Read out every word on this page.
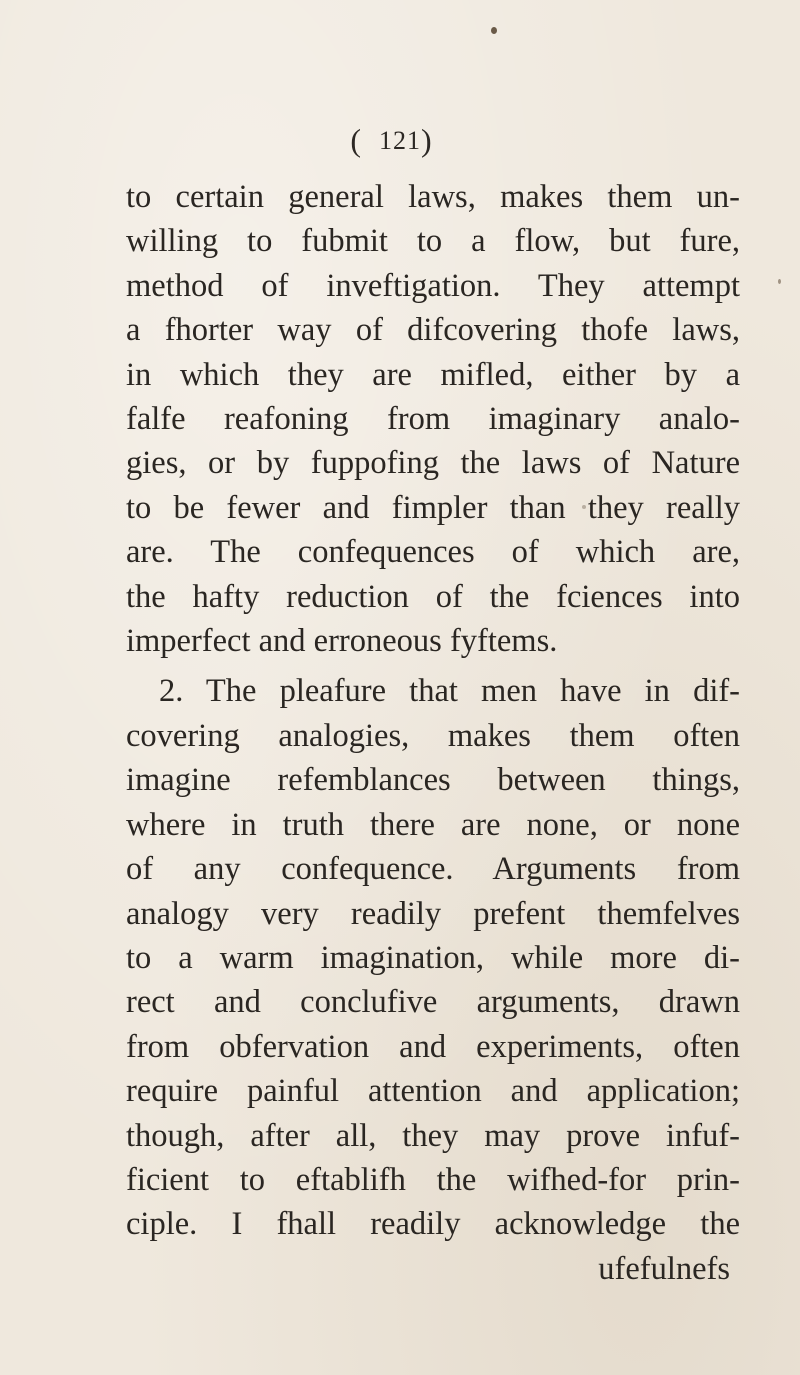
(121)
to certain general laws, makes them un-
willing to fubmit to a flow, but fure,
method of inveftigation. They attempt
a fhorter way of difcovering thofe laws,
in which they are mifled, either by a
falfe reafoning from imaginary analo-
gies, or by fuppofing the laws of Nature
to be fewer and fimpler than they really
are. The confequences of which are,
the hafty reduction of the fciences into
imperfect and erroneous fyftems.
2. The pleafure that men have in dif-
covering analogies, makes them often
imagine refemblances between things,
where in truth there are none, or none
of any confequence. Arguments from
analogy very readily prefent themfelves
to a warm imagination, while more di-
rect and conclufive arguments, drawn
from obfervation and experiments, often
require painful attention and application;
though, after all, they may prove infuf-
ficient to eftablifh the wifhed-for prin-
ciple. I fhall readily acknowledge the
ufefulnefs
